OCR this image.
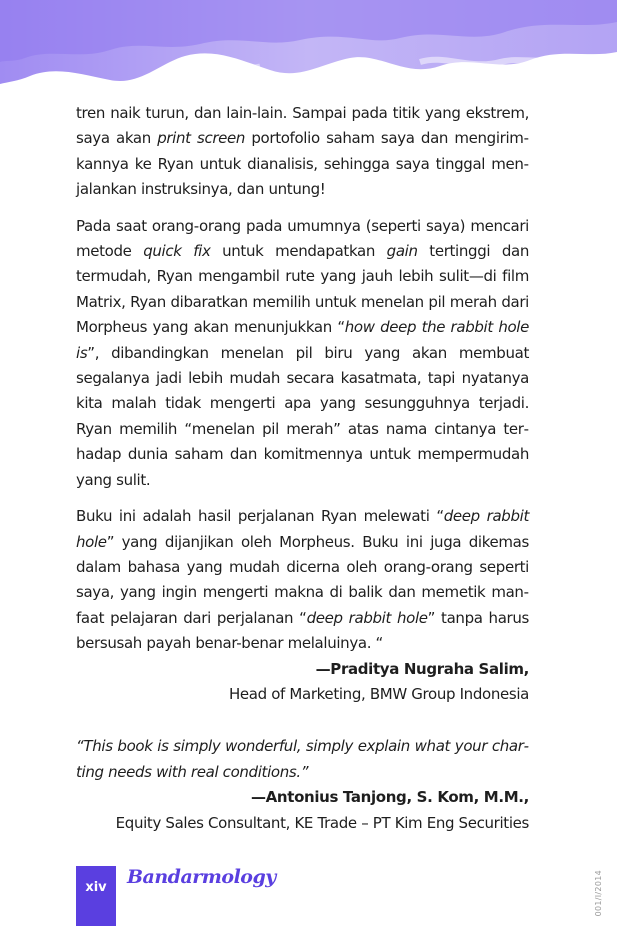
tren naik turun, dan lain-lain. Sampai pada titik yang ekstrem, saya akan print screen portofolio saham saya dan mengirimkannya ke Ryan untuk dianalisis, sehingga saya tinggal menjalankan instruksinya, dan untung!

Pada saat orang-orang pada umumnya (seperti saya) mencari metode quick fix untuk mendapatkan gain tertinggi dan termudah, Ryan mengambil rute yang jauh lebih sulit—di film Matrix, Ryan dibaratkan memilih untuk menelan pil merah dari Morpheus yang akan menunjukkan “how deep the rabbit hole is”, dibandingkan menelan pil biru yang akan membuat segalanya jadi lebih mudah secara kasatmata, tapi nyatanya kita malah tidak mengerti apa yang sesungguhnya terjadi. Ryan memilih “menelan pil merah” atas nama cintanya terhadap dunia saham dan komitmennya untuk mempermudah yang sulit.

Buku ini adalah hasil perjalanan Ryan melewati “deep rabbit hole” yang dijanjikan oleh Morpheus. Buku ini juga dikemas dalam bahasa yang mudah dicerna oleh orang-orang seperti saya, yang ingin mengerti makna di balik dan memetik manfaat pelajaran dari perjalanan “deep rabbit hole” tanpa harus bersusah payah benar-benar melaluinya. “

—Praditya Nugraha Salim,

Head of Marketing, BMW Group Indonesia

“This book is simply wonderful, simply explain what your charting needs with real conditions.”

—Antonius Tanjong, S. Kom, M.M.,

Equity Sales Consultant, KE Trade – PT Kim Eng Securities

xiv	Bandarmology	001/I/2014
